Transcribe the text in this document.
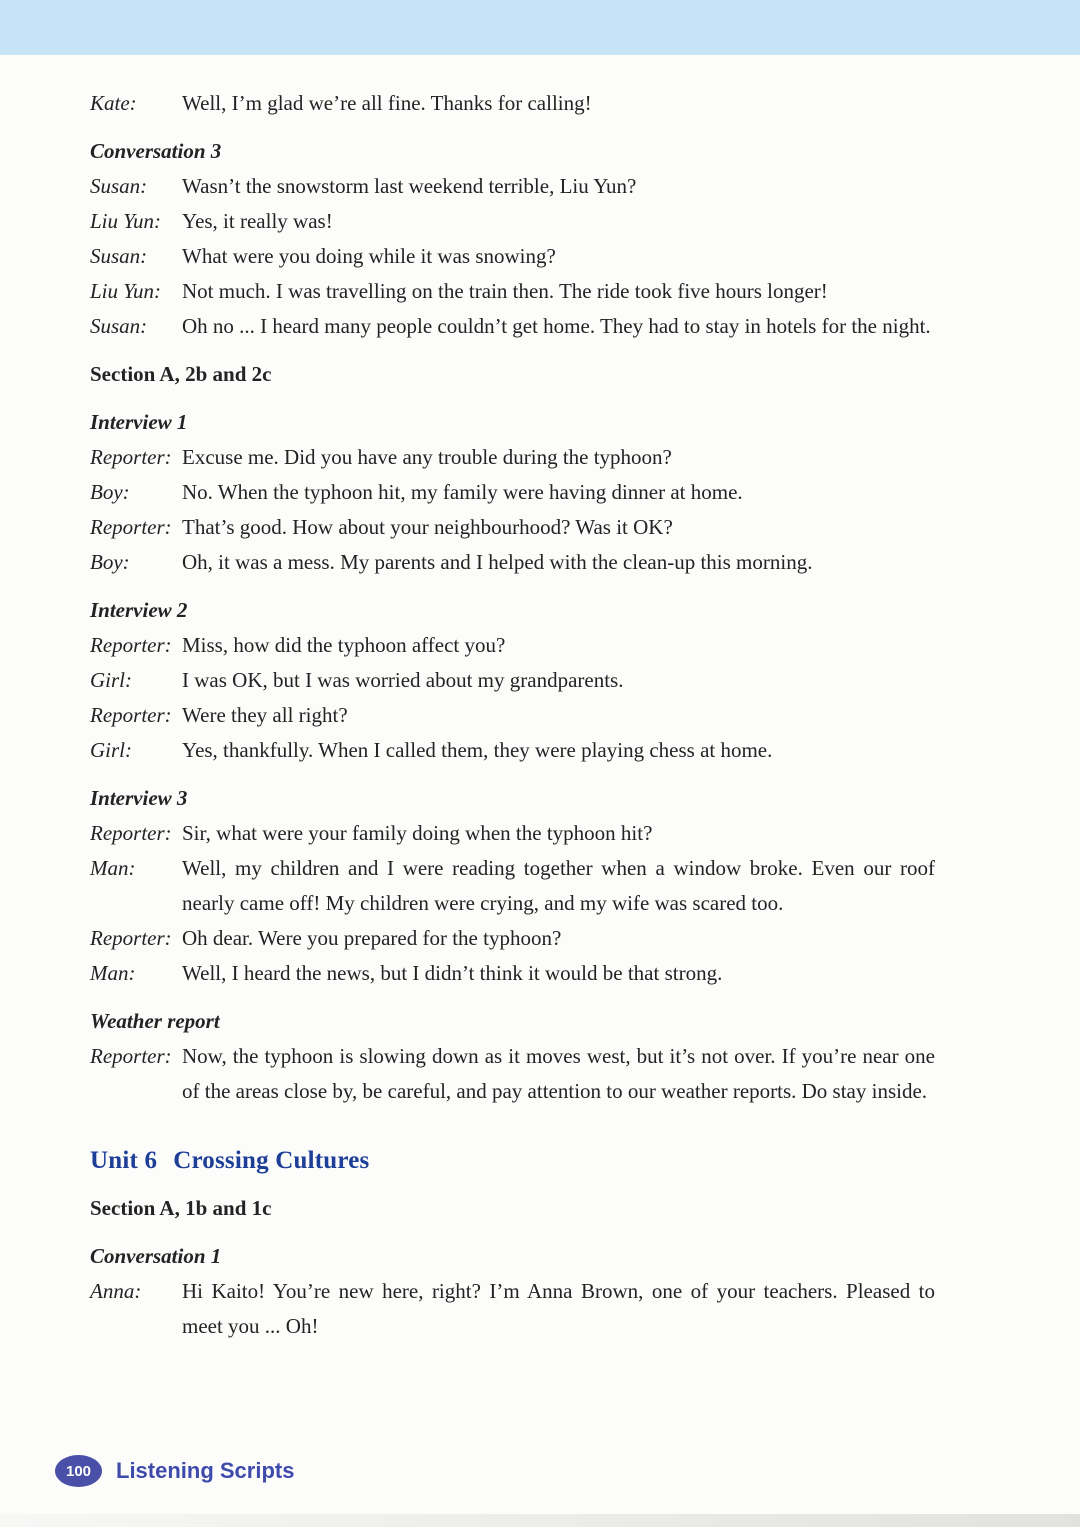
Kate:	Well, I’m glad we’re all fine. Thanks for calling!
Conversation 3
Susan:	Wasn’t the snowstorm last weekend terrible, Liu Yun?
Liu Yun: Yes, it really was!
Susan:	What were you doing while it was snowing?
Liu Yun: Not much. I was travelling on the train then. The ride took five hours longer!
Susan:	Oh no ... I heard many people couldn’t get home. They had to stay in hotels for the night.
Section A, 2b and 2c
Interview 1
Reporter: Excuse me. Did you have any trouble during the typhoon?
Boy:	No. When the typhoon hit, my family were having dinner at home.
Reporter: That’s good. How about your neighbourhood? Was it OK?
Boy:	Oh, it was a mess. My parents and I helped with the clean-up this morning.
Interview 2
Reporter: Miss, how did the typhoon affect you?
Girl:	I was OK, but I was worried about my grandparents.
Reporter: Were they all right?
Girl:	Yes, thankfully. When I called them, they were playing chess at home.
Interview 3
Reporter: Sir, what were your family doing when the typhoon hit?
Man:	Well, my children and I were reading together when a window broke. Even our roof nearly came off! My children were crying, and my wife was scared too.
Reporter: Oh dear. Were you prepared for the typhoon?
Man:	Well, I heard the news, but I didn’t think it would be that strong.
Weather report
Reporter: Now, the typhoon is slowing down as it moves west, but it’s not over. If you’re near one of the areas close by, be careful, and pay attention to our weather reports. Do stay inside.
Unit 6 Crossing Cultures
Section A, 1b and 1c
Conversation 1
Anna:	Hi Kaito! You’re new here, right? I’m Anna Brown, one of your teachers. Pleased to meet you ... Oh!
100 Listening Scripts
